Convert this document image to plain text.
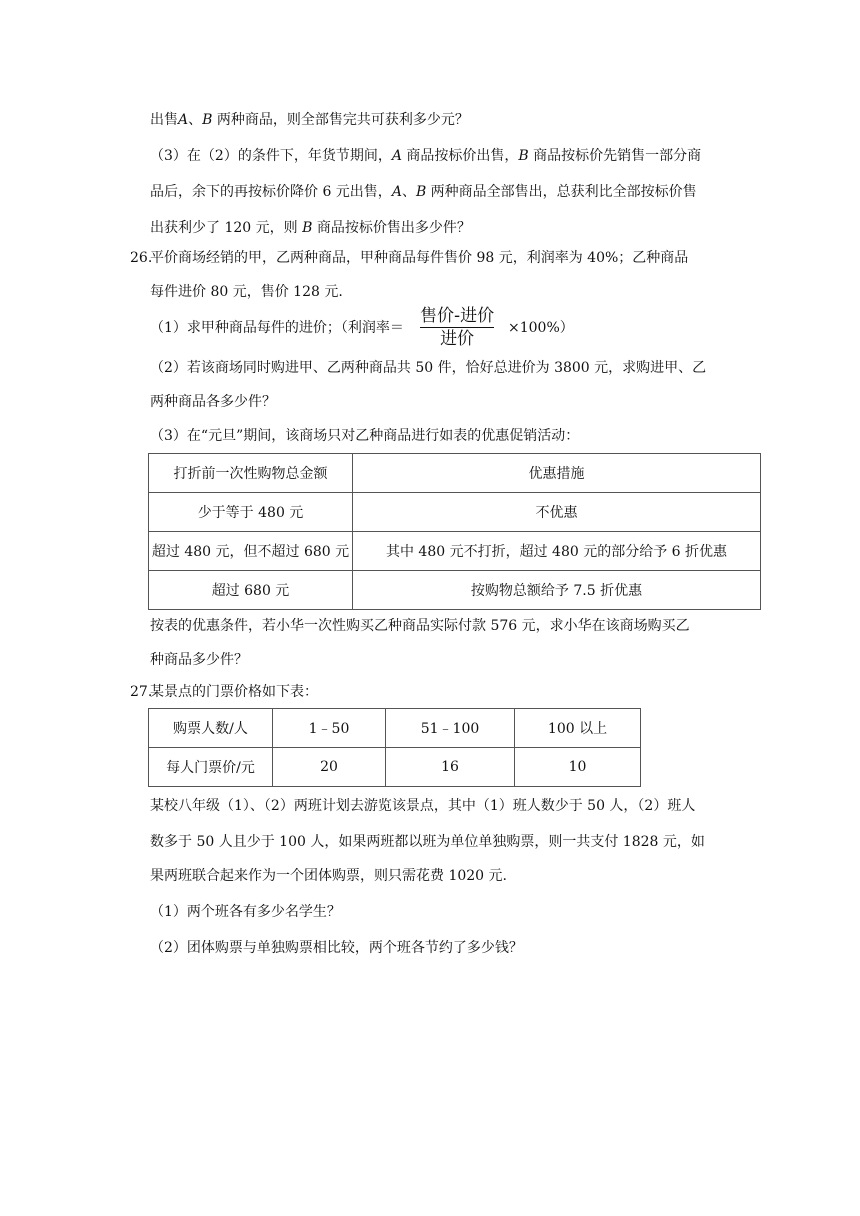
出售A、B 两种商品，则全部售完共可获利多少元？
（3）在（2）的条件下，年货节期间，A 商品按标价出售，B 商品按标价先销售一部分商
品后，余下的再按标价降价 6 元出售，A、B 两种商品全部售出，总获利比全部按标价售
出获利少了 120 元，则 B 商品按标价售出多少件？
26.
平价商场经销的甲，乙两种商品，甲种商品每件售价 98 元，利润率为 40%；乙种商品
每件进价 80 元，售价 128 元.
（1）求甲种商品每件的进价；（利润率＝
售价-进价
进价
×100%）
（2）若该商场同时购进甲、乙两种商品共 50 件，恰好总进价为 3800 元，求购进甲、乙
两种商品各多少件？
（3）在“元旦”期间，该商场只对乙种商品进行如表的优惠促销活动：
打折前一次性购物总金额	优惠措施
少于等于 480 元	不优惠
超过 480 元，但不超过 680 元	其中 480 元不打折，超过 480 元的部分给予 6 折优惠
超过 680 元	按购物总额给予 7.5 折优惠
按表的优惠条件，若小华一次性购买乙种商品实际付款 576 元，求小华在该商场购买乙
种商品多少件？
27.
某景点的门票价格如下表：
购票人数/人	1﹣50	51﹣100	100 以上
每人门票价/元	20	16	10
某校八年级（1）、（2）两班计划去游览该景点，其中（1）班人数少于 50 人，（2）班人
数多于 50 人且少于 100 人，如果两班都以班为单位单独购票，则一共支付 1828 元，如
果两班联合起来作为一个团体购票，则只需花费 1020 元.
（1）两个班各有多少名学生？
（2）团体购票与单独购票相比较，两个班各节约了多少钱？
